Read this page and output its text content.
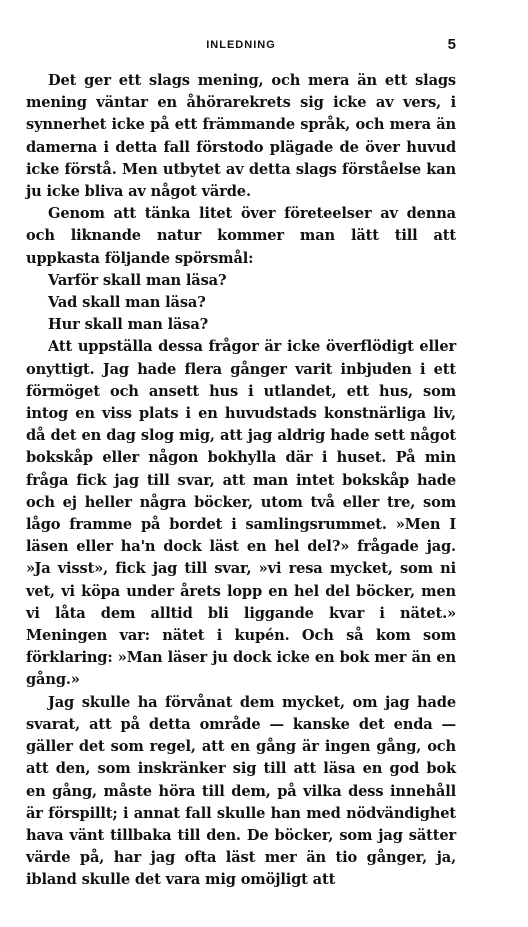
INLEDNING	5

Det ger ett slags mening, och mera än ett slags mening väntar en åhörarekrets sig icke av vers, i synnerhet icke på ett främmande språk, och mera än damerna i detta fall förstodo plägade de över huvud icke förstå. Men utbytet av detta slags förståelse kan ju icke bliva av något värde.

Genom att tänka litet över företeelser av denna och liknande natur kommer man lätt till att uppkasta följande spörsmål:

Varför skall man läsa?

Vad skall man läsa?

Hur skall man läsa?

Att uppställa dessa frågor är icke överflödigt eller onyttigt. Jag hade flera gånger varit inbjuden i ett förmöget och ansett hus i utlandet, ett hus, som intog en viss plats i en huvudstads konstnärliga liv, då det en dag slog mig, att jag aldrig hade sett något bokskåp eller någon bokhylla där i huset. På min fråga fick jag till svar, att man intet bokskåp hade och ej heller några böcker, utom två eller tre, som lågo framme på bordet i samlingsrummet. »Men I läsen eller ha'n dock läst en hel del?» frågade jag. »Ja visst», fick jag till svar, »vi resa mycket, som ni vet, vi köpa under årets lopp en hel del böcker, men vi låta dem alltid bli liggande kvar i nätet.» Meningen var: nätet i kupén. Och så kom som förklaring: »Man läser ju dock icke en bok mer än en gång.»

Jag skulle ha förvånat dem mycket, om jag hade svarat, att på detta område — kanske det enda — gäller det som regel, att en gång är ingen gång, och att den, som inskränker sig till att läsa en god bok en gång, måste höra till dem, på vilka dess innehåll är förspillt; i annat fall skulle han med nödvändighet hava vänt tillbaka till den. De böcker, som jag sätter värde på, har jag ofta läst mer än tio gånger, ja, ibland skulle det vara mig omöjligt att
